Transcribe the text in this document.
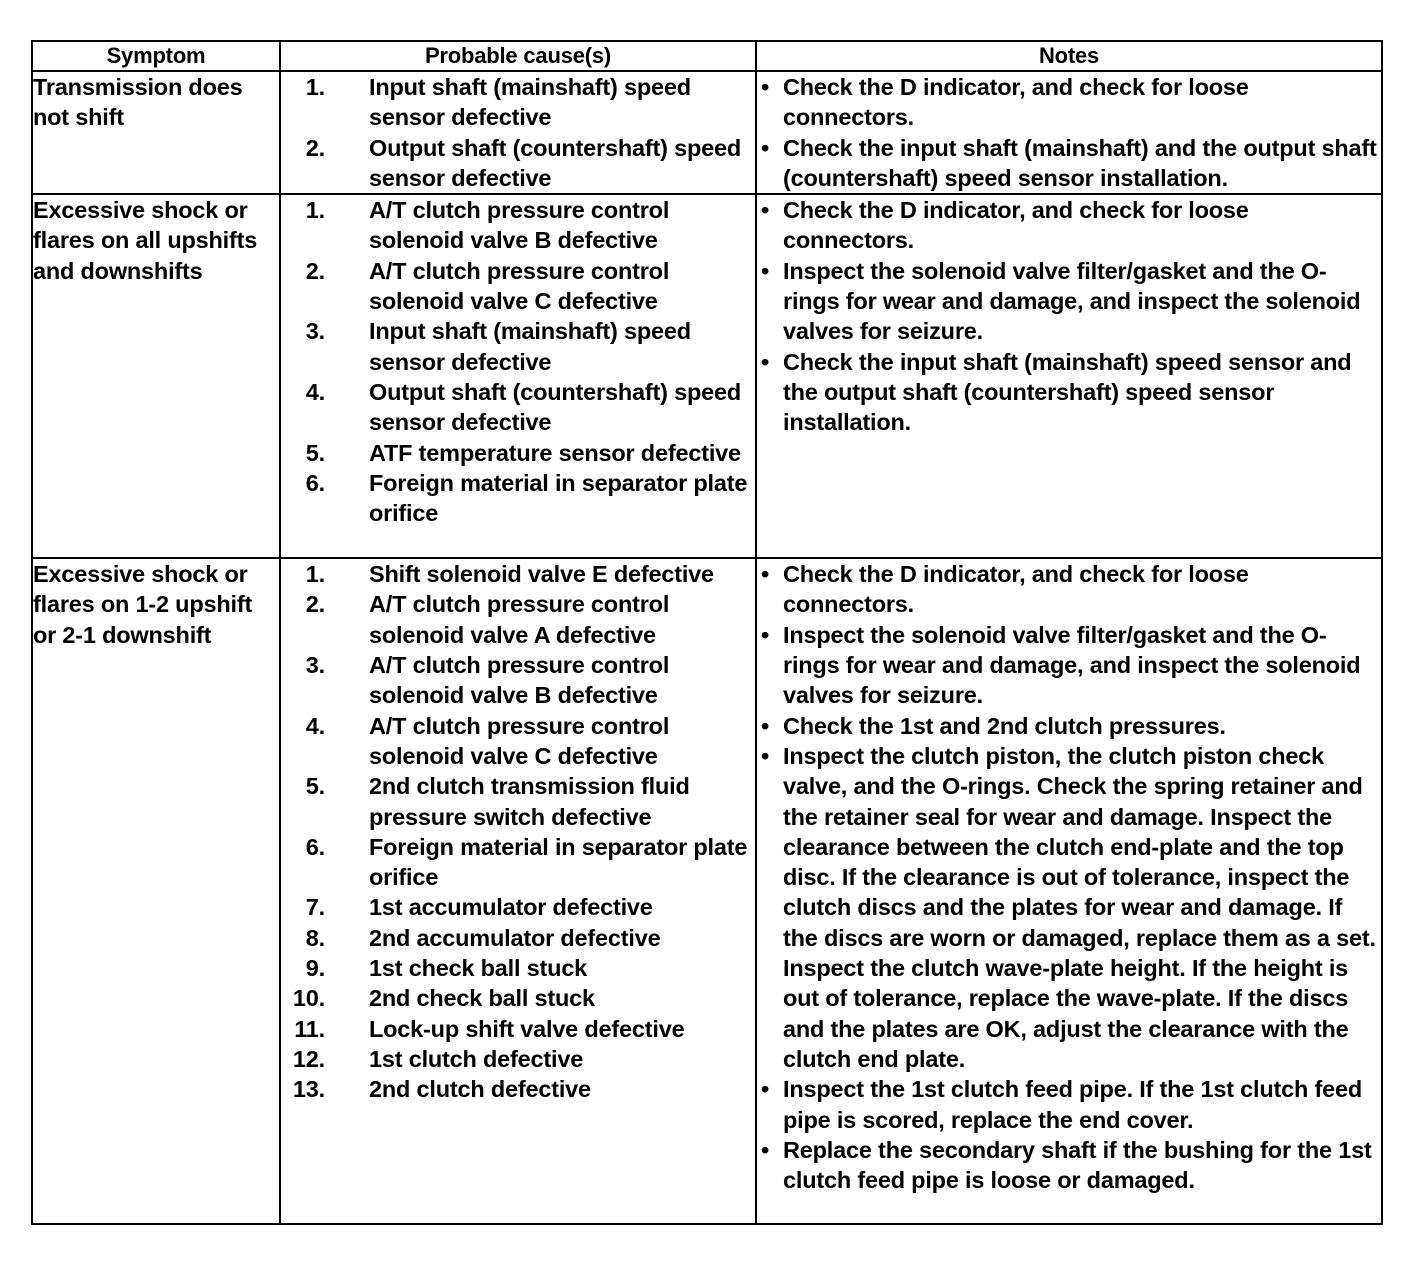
Symptom	Probable cause(s)	Notes
Transmission does not shift	
1.	Input shaft (mainshaft) speed sensor defective
2.	Output shaft (countershaft) speed sensor defective

• Check the D indicator, and check for loose connectors.
• Check the input shaft (mainshaft) and the output shaft (countershaft) speed sensor installation.

Excessive shock or flares on all upshifts and downshifts	
1.	A/T clutch pressure control solenoid valve B defective
2.	A/T clutch pressure control solenoid valve C defective
3.	Input shaft (mainshaft) speed sensor defective
4.	Output shaft (countershaft) speed sensor defective
5.	ATF temperature sensor defective
6.	Foreign material in separator plate orifice

• Check the D indicator, and check for loose connectors.
• Inspect the solenoid valve filter/gasket and the O-rings for wear and damage, and inspect the solenoid valves for seizure.
• Check the input shaft (mainshaft) speed sensor and the output shaft (countershaft) speed sensor installation.

Excessive shock or flares on 1-2 upshift or 2-1 downshift	
1.	Shift solenoid valve E defective
2.	A/T clutch pressure control solenoid valve A defective
3.	A/T clutch pressure control solenoid valve B defective
4.	A/T clutch pressure control solenoid valve C defective
5.	2nd clutch transmission fluid pressure switch defective
6.	Foreign material in separator plate orifice
7.	1st accumulator defective
8.	2nd accumulator defective
9.	1st check ball stuck
10.	2nd check ball stuck
11.	Lock-up shift valve defective
12.	1st clutch defective
13.	2nd clutch defective

• Check the D indicator, and check for loose connectors.
• Inspect the solenoid valve filter/gasket and the O-rings for wear and damage, and inspect the solenoid valves for seizure.
• Check the 1st and 2nd clutch pressures.
• Inspect the clutch piston, the clutch piston check valve, and the O-rings. Check the spring retainer and the retainer seal for wear and damage. Inspect the clearance between the clutch end-plate and the top disc. If the clearance is out of tolerance, inspect the clutch discs and the plates for wear and damage. If the discs are worn or damaged, replace them as a set. Inspect the clutch wave-plate height. If the height is out of tolerance, replace the wave-plate. If the discs and the plates are OK, adjust the clearance with the clutch end plate.
• Inspect the 1st clutch feed pipe. If the 1st clutch feed pipe is scored, replace the end cover.
• Replace the secondary shaft if the bushing for the 1st clutch feed pipe is loose or damaged.
